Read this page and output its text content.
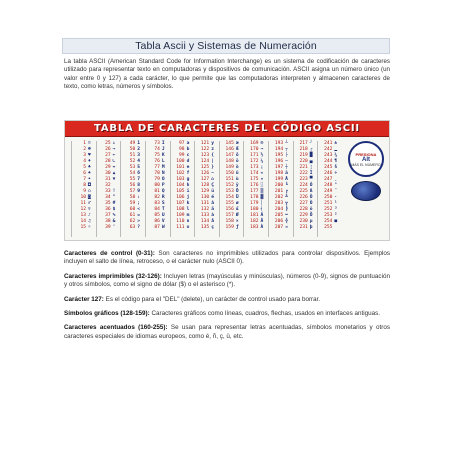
Tabla Ascii y Sistemas de Numeración

La tabla ASCII (American Standard Code for Information Interchange) es un sistema de codificación de caracteres utilizado para representar texto en computadoras y dispositivos de comunicación. ASCII asigna un número único (un valor entre 0 y 127) a cada carácter, lo que permite que las computadoras interpreten y almacenen caracteres de texto, como letras, números y símbolos.

TABLA DE CARACTERES DEL CÓDIGO ASCII
1 ☺
2 ☻
3 ♥
4 ♦
5 ♣
6 ♠
7 •
8 ◘
9 ○
10 ◙
11 ♂
12 ♀
13 ♪
14 ♫
15 ☼
25 ↓
26 →
27 ←
28 ∟
29 ↔
30 ▲
31 ▼
32
33 !
34 "
35 #
36 $
37 %
38 &
39 '
49 1
50 2
51 3
52 4
53 5
54 6
55 7
56 8
57 9
58 :
59 ;
60 <
61 =
62 >
63 ?
73 I
74 J
75 K
76 L
77 M
78 N
79 O
80 P
81 Q
82 R
83 S
84 T
85 U
86 V
87 W
97 a
98 b
99 c
100 d
101 e
102 f
103 g
104 h
105 i
106 j
107 k
108 l
109 m
110 n
111 o
121 y
122 z
123 {
124 |
125 }
126 ~
127 ⌂
128 Ç
129 ü
130 é
131 â
132 ä
133 à
134 å
135 ç
145 æ
146 Æ
147 ô
148 ö
149 ò
150 û
151 ù
152 ÿ
153 Ö
154 Ü
155 ø
156 £
157 Ø
158 ×
159 ƒ
169 ®
170 ¬
171 ½
172 ¼
173 ¡
174 «
175 »
176 ░
177 ▒
178 ▓
179 │
180 ┤
181 Á
182 Â
183 À
193 ┴
194 ┬
195 ├
196 ─
197 ┼
198 ã
199 Ã
200 ╚
201 ╔
202 ╩
203 ╦
204 ╠
205 ═
206 ╬
207 ¤
217 ┘
218 ┌
219 █
220 ▄
221 ¦
222 Ì
223 ▀
224 Ó
225 ß
226 Ô
227 Ò
228 õ
229 Õ
230 µ
231 þ
241 ±
242 ‗
243 ¾
244 ¶
245 §
246 ÷
247 ¸
248 °
249 ¨
250 ·
251 ¹
252 ³
253 ²
254 ■
255
PRESIONA
Alt
MÁS EL NÚMERO

Caracteres de control (0-31): Son caracteres no imprimibles utilizados para controlar dispositivos. Ejemplos incluyen el salto de línea, retroceso, o el carácter nulo (ASCII 0).

Caracteres imprimibles (32-126): Incluyen letras (mayúsculas y minúsculas), números (0-9), signos de puntuación y otros símbolos, como el signo de dólar ($) o el asterisco (*).

Carácter 127: Es el código para el "DEL" (delete), un carácter de control usado para borrar.

Símbolos gráficos (128-159): Caracteres gráficos como líneas, cuadros, flechas, usados en interfaces antiguas.

Caracteres acentuados (160-255): Se usan para representar letras acentuadas, símbolos monetarios y otros caracteres especiales de idiomas europeos, como é, ñ, ç, ü, etc.
